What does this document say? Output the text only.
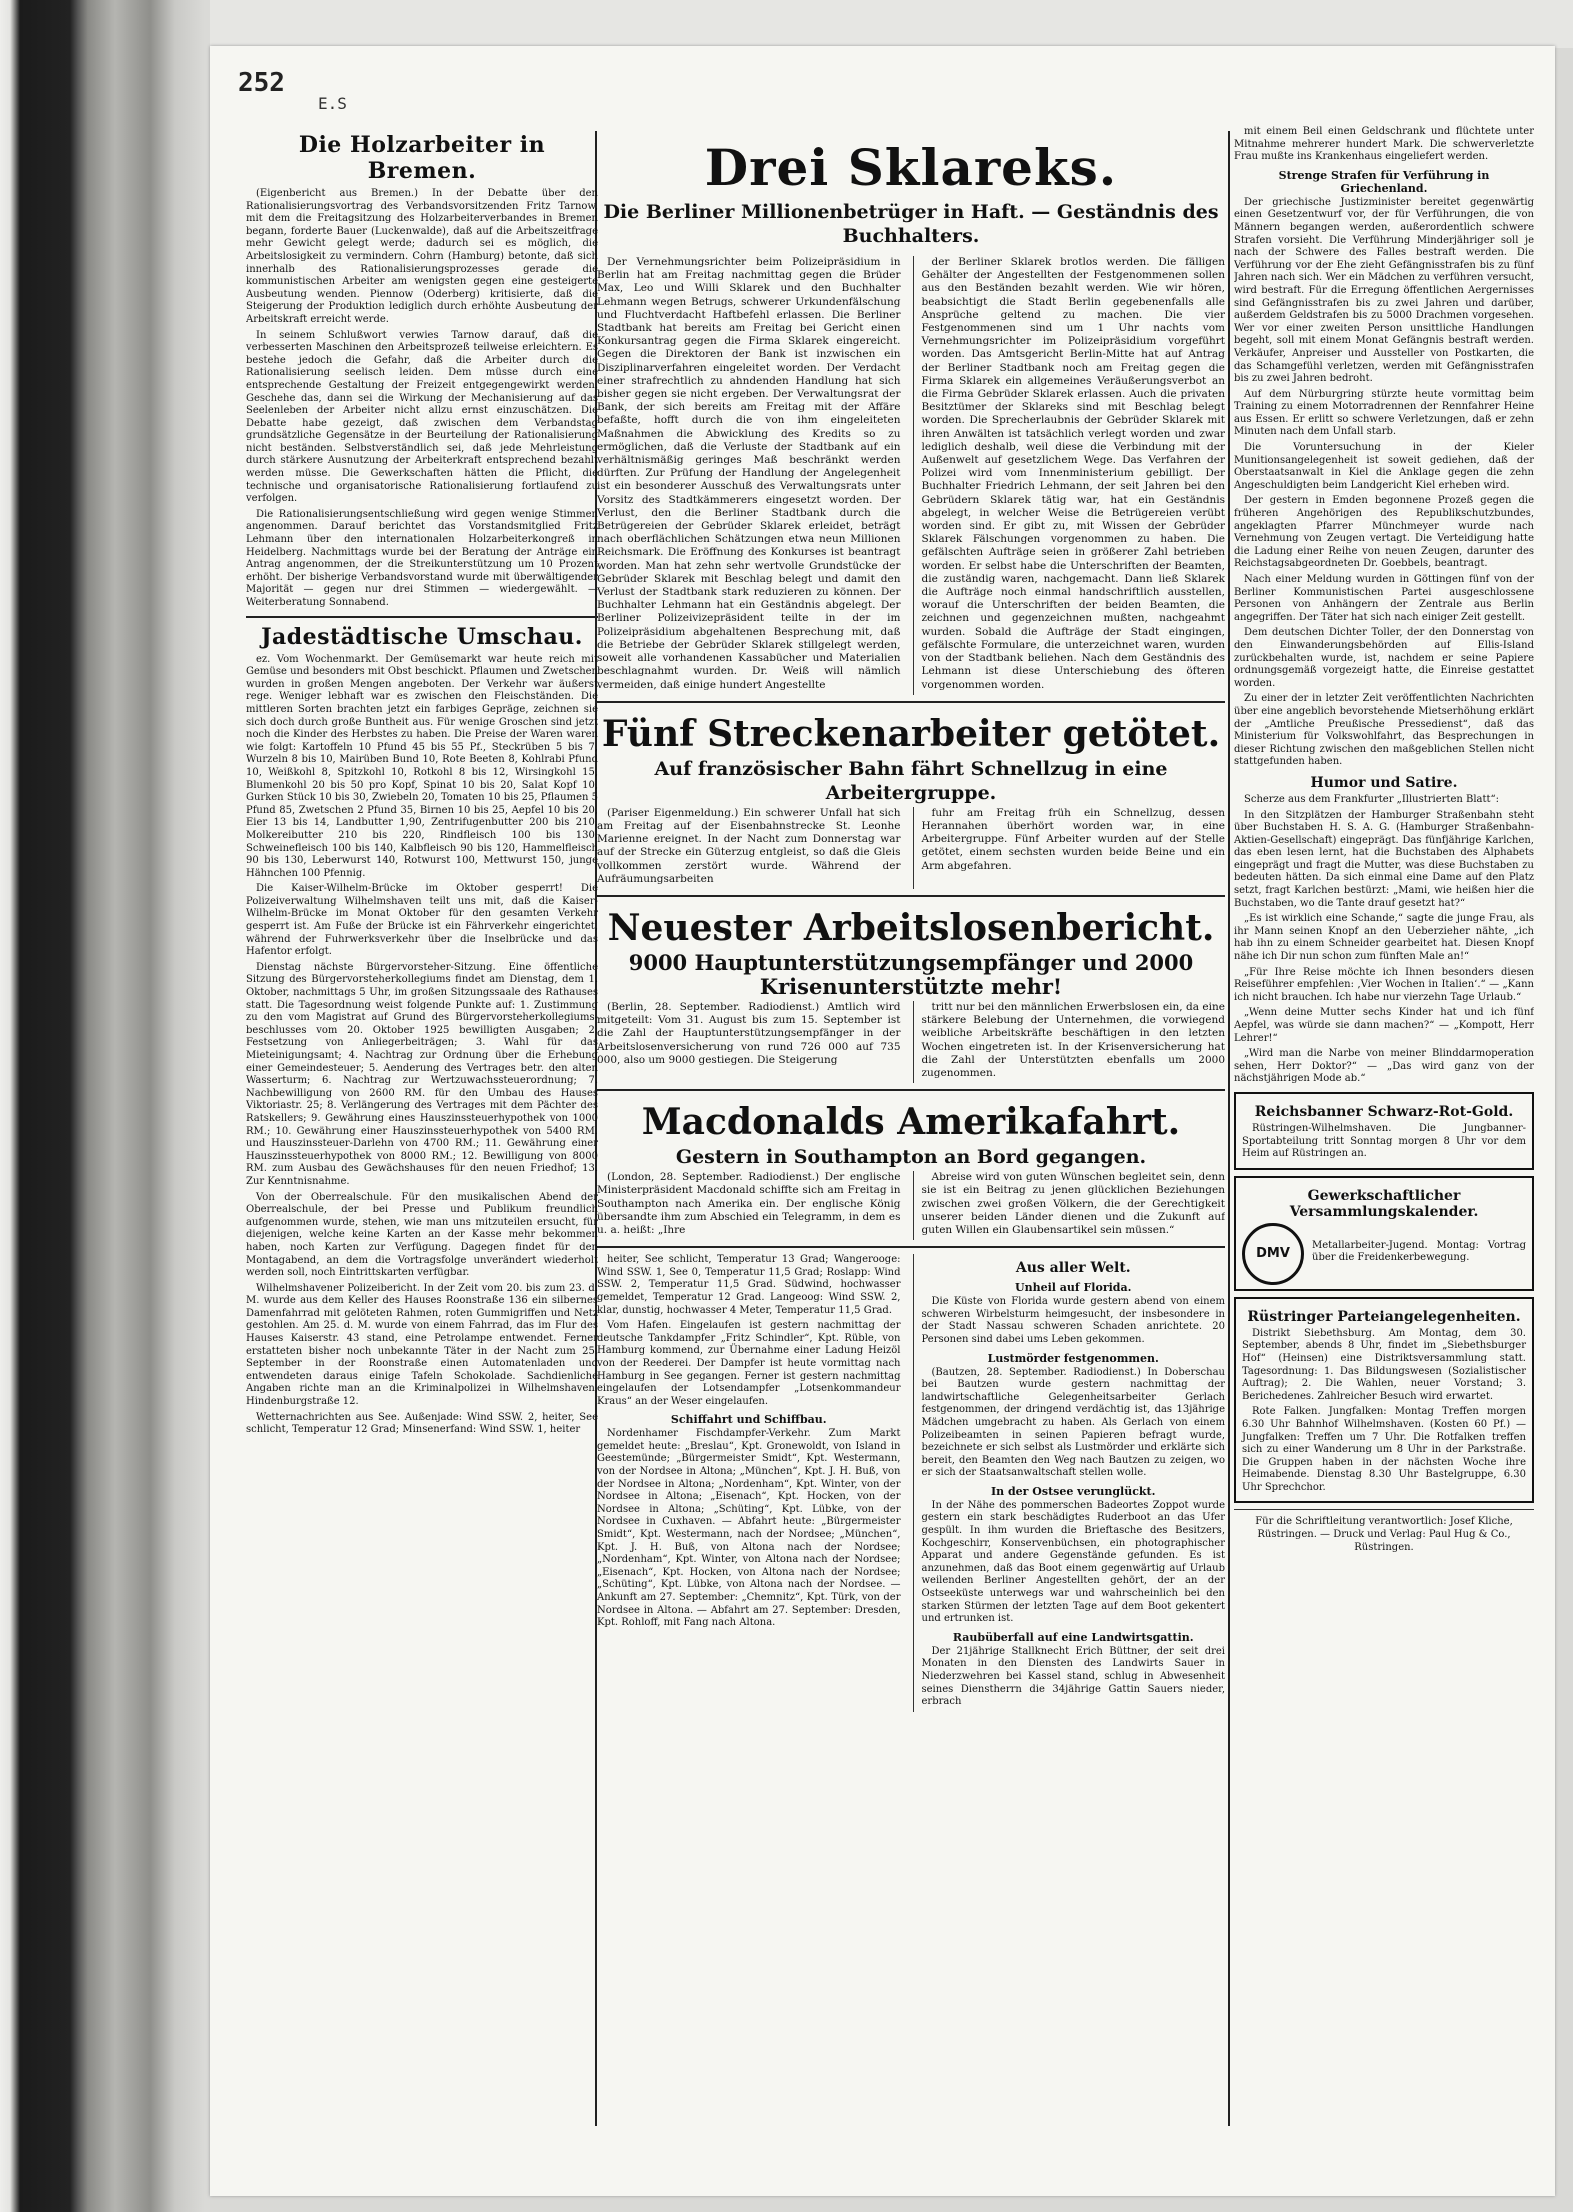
252
E.S
Die Holzarbeiter in Bremen.

(Eigenbericht aus Bremen.) In der Debatte über den Rationalisierungsvortrag des Verbandsvorsitzenden Fritz Tarnow, mit dem die Freitagsitzung des Holzarbeiterverbandes in Bremen begann, forderte Bauer (Luckenwalde), daß auf die Arbeitszeitfrage mehr Gewicht gelegt werde; dadurch sei es möglich, die Arbeitslosigkeit zu vermindern. Cohrn (Hamburg) betonte, daß sich innerhalb des Rationalisierungsprozesses gerade die kommunistischen Arbeiter am wenigsten gegen eine gesteigerte Ausbeutung wenden. Piennow (Oderberg) kritisierte, daß die Steigerung der Produktion lediglich durch erhöhte Ausbeutung der Arbeitskraft erreicht werde.

In seinem Schlußwort verwies Tarnow darauf, daß die verbesserten Maschinen den Arbeitsprozeß teilweise erleichtern. Es bestehe jedoch die Gefahr, daß die Arbeiter durch die Rationalisierung seelisch leiden. Dem müsse durch eine entsprechende Gestaltung der Freizeit entgegengewirkt werden. Geschehe das, dann sei die Wirkung der Mechanisierung auf das Seelenleben der Arbeiter nicht allzu ernst einzuschätzen. Die Debatte habe gezeigt, daß zwischen dem Verbandstag grundsätzliche Gegensätze in der Beurteilung der Rationalisierung nicht beständen. Selbstverständlich sei, daß jede Mehrleistung durch stärkere Ausnutzung der Arbeiterkraft entsprechend bezahlt werden müsse. Die Gewerkschaften hätten die Pflicht, die technische und organisatorische Rationalisierung fortlaufend zu verfolgen.

Die Rationalisierungsentschließung wird gegen wenige Stimmen angenommen. Darauf berichtet das Vorstandsmitglied Fritz Lehmann über den internationalen Holzarbeiterkongreß in Heidelberg. Nachmittags wurde bei der Beratung der Anträge ein Antrag angenommen, der die Streikunterstützung um 10 Prozent erhöht. Der bisherige Verbandsvorstand wurde mit überwältigender Majorität — gegen nur drei Stimmen — wiedergewählt. — Weiterberatung Sonnabend.

Jadestädtische Umschau.

ez. Vom Wochenmarkt. Der Gemüsemarkt war heute reich mit Gemüse und besonders mit Obst beschickt. Pflaumen und Zwetschen wurden in großen Mengen angeboten. Der Verkehr war äußerst rege. Weniger lebhaft war es zwischen den Fleischständen. Die mittleren Sorten brachten jetzt ein farbiges Gepräge, zeichnen sie sich doch durch große Buntheit aus. Für wenige Groschen sind jetzt noch die Kinder des Herbstes zu haben. Die Preise der Waren waren wie folgt: Kartoffeln 10 Pfund 45 bis 55 Pf., Steckrüben 5 bis 7, Wurzeln 8 bis 10, Mairüben Bund 10, Rote Beeten 8, Kohlrabi Pfund 10, Weißkohl 8, Spitzkohl 10, Rotkohl 8 bis 12, Wirsingkohl 15, Blumenkohl 20 bis 50 pro Kopf, Spinat 10 bis 20, Salat Kopf 10, Gurken Stück 10 bis 30, Zwiebeln 20, Tomaten 10 bis 25, Pflaumen 5 Pfund 85, Zwetschen 2 Pfund 35, Birnen 10 bis 25, Aepfel 10 bis 20, Eier 13 bis 14, Landbutter 1,90, Zentrifugenbutter 200 bis 210, Molkereibutter 210 bis 220, Rindfleisch 100 bis 130, Schweinefleisch 100 bis 140, Kalbfleisch 90 bis 120, Hammelfleisch 90 bis 130, Leberwurst 140, Rotwurst 100, Mettwurst 150, junge Hähnchen 100 Pfennig.

Die Kaiser-Wilhelm-Brücke im Oktober gesperrt! Die Polizeiverwaltung Wilhelmshaven teilt uns mit, daß die Kaiser-Wilhelm-Brücke im Monat Oktober für den gesamten Verkehr gesperrt ist. Am Fuße der Brücke ist ein Fährverkehr eingerichtet, während der Fuhrwerksverkehr über die Inselbrücke und das Hafentor erfolgt.

Dienstag nächste Bürgervorsteher-Sitzung. Eine öffentliche Sitzung des Bürgervorsteherkollegiums findet am Dienstag, dem 1. Oktober, nachmittags 5 Uhr, im großen Sitzungssaale des Rathauses statt. Die Tagesordnung weist folgende Punkte auf: 1. Zustimmung zu den vom Magistrat auf Grund des Bürgervorsteherkollegiums-beschlusses vom 20. Oktober 1925 bewilligten Ausgaben; 2. Festsetzung von Anliegerbeiträgen; 3. Wahl für das Mieteinigungsamt; 4. Nachtrag zur Ordnung über die Erhebung einer Gemeindesteuer; 5. Aenderung des Vertrages betr. den alten Wasserturm; 6. Nachtrag zur Wertzuwachssteuerordnung; 7. Nachbewilligung von 2600 RM. für den Umbau des Hauses Viktoriastr. 25; 8. Verlängerung des Vertrages mit dem Pächter des Ratskellers; 9. Gewährung eines Hauszinssteuerhypothek von 1000 RM.; 10. Gewährung einer Hauszinssteuerhypothek von 5400 RM. und Hauszinssteuer-Darlehn von 4700 RM.; 11. Gewährung einer Hauszinssteuerhypothek von 8000 RM.; 12. Bewilligung von 8000 RM. zum Ausbau des Gewächshauses für den neuen Friedhof; 13. Zur Kenntnisnahme.

Von der Oberrealschule. Für den musikalischen Abend der Oberrealschule, der bei Presse und Publikum freundlich aufgenommen wurde, stehen, wie man uns mitzuteilen ersucht, für diejenigen, welche keine Karten an der Kasse mehr bekommen haben, noch Karten zur Verfügung. Dagegen findet für den Montagabend, an dem die Vortragsfolge unverändert wiederholt werden soll, noch Eintrittskarten verfügbar.

Wilhelmshavener Polizeibericht. In der Zeit vom 20. bis zum 23. d. M. wurde aus dem Keller des Hauses Roonstraße 136 ein silbernes Damenfahrrad mit gelöteten Rahmen, roten Gummigriffen und Netz gestohlen. Am 25. d. M. wurde von einem Fahrrad, das im Flur des Hauses Kaiserstr. 43 stand, eine Petrolampe entwendet. Ferner erstatteten bisher noch unbekannte Täter in der Nacht zum 25. September in der Roonstraße einen Automatenladen und entwendeten daraus einige Tafeln Schokolade. Sachdienliche Angaben richte man an die Kriminalpolizei in Wilhelmshaven, Hindenburgstraße 12.

Wetternachrichten aus See. Außenjade: Wind SSW. 2, heiter, See schlicht, Temperatur 12 Grad; Minsenerfand: Wind SSW. 1, heiter

Drei Sklareks.
Die Berliner Millionenbetrüger in Haft. — Geständnis des Buchhalters.

Der Vernehmungsrichter beim Polizeipräsidium in Berlin hat am Freitag nachmittag gegen die Brüder Max, Leo und Willi Sklarek und den Buchhalter Lehmann wegen Betrugs, schwerer Urkundenfälschung und Fluchtverdacht Haftbefehl erlassen. Die Berliner Stadtbank hat bereits am Freitag bei Gericht einen Konkursantrag gegen die Firma Sklarek eingereicht. Gegen die Direktoren der Bank ist inzwischen ein Disziplinarverfahren eingeleitet worden. Der Verdacht einer strafrechtlich zu ahndenden Handlung hat sich bisher gegen sie nicht ergeben. Der Verwaltungsrat der Bank, der sich bereits am Freitag mit der Affäre befaßte, hofft durch die von ihm eingeleiteten Maßnahmen die Abwicklung des Kredits so zu ermöglichen, daß die Verluste der Stadtbank auf ein verhältnismäßig geringes Maß beschränkt werden dürften. Zur Prüfung der Handlung der Angelegenheit ist ein besonderer Ausschuß des Verwaltungsrats unter Vorsitz des Stadtkämmerers eingesetzt worden. Der Verlust, den die Berliner Stadtbank durch die Betrügereien der Gebrüder Sklarek erleidet, beträgt nach oberflächlichen Schätzungen etwa neun Millionen Reichsmark. Die Eröffnung des Konkurses ist beantragt worden. Man hat zehn sehr wertvolle Grundstücke der Gebrüder Sklarek mit Beschlag belegt und damit den Verlust der Stadtbank stark reduzieren zu können. Der Buchhalter Lehmann hat ein Geständnis abgelegt. Der Berliner Polizeivizepräsident teilte in der im Polizeipräsidium abgehaltenen Besprechung mit, daß die Betriebe der Gebrüder Sklarek stillgelegt werden, soweit alle vorhandenen Kassabücher und Materialien beschlagnahmt wurden. Dr. Weiß will nämlich vermeiden, daß einige hundert Angestellte

der Berliner Sklarek brotlos werden. Die fälligen Gehälter der Angestellten der Festgenommenen sollen aus den Beständen bezahlt werden. Wie wir hören, beabsichtigt die Stadt Berlin gegebenenfalls alle Ansprüche geltend zu machen. Die vier Festgenommenen sind um 1 Uhr nachts vom Vernehmungsrichter im Polizeipräsidium vorgeführt worden. Das Amtsgericht Berlin-Mitte hat auf Antrag der Berliner Stadtbank noch am Freitag gegen die Firma Sklarek ein allgemeines Veräußerungsverbot an die Firma Gebrüder Sklarek erlassen. Auch die privaten Besitztümer der Sklareks sind mit Beschlag belegt worden. Die Sprecherlaubnis der Gebrüder Sklarek mit ihren Anwälten ist tatsächlich verlegt worden und zwar lediglich deshalb, weil diese die Verbindung mit der Außenwelt auf gesetzlichem Wege. Das Verfahren der Polizei wird vom Innenministerium gebilligt. Der Buchhalter Friedrich Lehmann, der seit Jahren bei den Gebrüdern Sklarek tätig war, hat ein Geständnis abgelegt, in welcher Weise die Betrügereien verübt worden sind. Er gibt zu, mit Wissen der Gebrüder Sklarek Fälschungen vorgenommen zu haben. Die gefälschten Aufträge seien in größerer Zahl betrieben worden. Er selbst habe die Unterschriften der Beamten, die zuständig waren, nachgemacht. Dann ließ Sklarek die Aufträge noch einmal handschriftlich ausstellen, worauf die Unterschriften der beiden Beamten, die zeichnen und gegenzeichnen mußten, nachgeahmt wurden. Sobald die Aufträge der Stadt eingingen, gefälschte Formulare, die unterzeichnet waren, wurden von der Stadtbank beliehen. Nach dem Geständnis des Lehmann ist diese Unterschiebung des öfteren vorgenommen worden.

Fünf Streckenarbeiter getötet.
Auf französischer Bahn fährt Schnellzug in eine Arbeitergruppe.

(Pariser Eigenmeldung.) Ein schwerer Unfall hat sich am Freitag auf der Eisenbahnstrecke St. Leonhe Marienne ereignet. In der Nacht zum Donnerstag war auf der Strecke ein Güterzug entgleist, so daß die Gleis vollkommen zerstört wurde. Während der Aufräumungsarbeiten

fuhr am Freitag früh ein Schnellzug, dessen Herannahen überhört worden war, in eine Arbeitergruppe. Fünf Arbeiter wurden auf der Stelle getötet, einem sechsten wurden beide Beine und ein Arm abgefahren.

Neuester Arbeitslosenbericht.
9000 Hauptunterstützungsempfänger und 2000 Krisenunterstützte mehr!

(Berlin, 28. September. Radiodienst.) Amtlich wird mitgeteilt: Vom 31. August bis zum 15. September ist die Zahl der Hauptunterstützungsempfänger in der Arbeitslosenversicherung von rund 726 000 auf 735 000, also um 9000 gestiegen. Die Steigerung

tritt nur bei den männlichen Erwerbslosen ein, da eine stärkere Belebung der Unternehmen, die vorwiegend weibliche Arbeitskräfte beschäftigen in den letzten Wochen eingetreten ist. In der Krisenversicherung hat die Zahl der Unterstützten ebenfalls um 2000 zugenommen.

Macdonalds Amerikafahrt.
Gestern in Southampton an Bord gegangen.

(London, 28. September. Radiodienst.) Der englische Ministerpräsident Macdonald schiffte sich am Freitag in Southampton nach Amerika ein. Der englische König übersandte ihm zum Abschied ein Telegramm, in dem es u. a. heißt: „Ihre

Abreise wird von guten Wünschen begleitet sein, denn sie ist ein Beitrag zu jenen glücklichen Beziehungen zwischen zwei großen Völkern, die der Gerechtigkeit unserer beiden Länder dienen und die Zukunft auf guten Willen ein Glaubensartikel sein müssen.“

heiter, See schlicht, Temperatur 13 Grad; Wangerooge: Wind SSW. 1, See 0, Temperatur 11,5 Grad; Roslapp: Wind SSW. 2, Temperatur 11,5 Grad. Südwind, hochwasser gemeldet, Temperatur 12 Grad. Langeoog: Wind SSW. 2, klar, dunstig, hochwasser 4 Meter, Temperatur 11,5 Grad.

Vom Hafen. Eingelaufen ist gestern nachmittag der deutsche Tankdampfer „Fritz Schindler“, Kpt. Rüble, von Hamburg kommend, zur Übernahme einer Ladung Heizöl von der Reederei. Der Dampfer ist heute vormittag nach Hamburg in See gegangen. Ferner ist gestern nachmittag eingelaufen der Lotsendampfer „Lotsenkommandeur Kraus“ an der Weser eingelaufen.

Schiffahrt und Schiffbau.

Nordenhamer Fischdampfer-Verkehr. Zum Markt gemeldet heute: „Breslau“, Kpt. Gronewoldt, von Island in Geestemünde; „Bürgermeister Smidt“, Kpt. Westermann, von der Nordsee in Altona; „München“, Kpt. J. H. Buß, von der Nordsee in Altona; „Nordenham“, Kpt. Winter, von der Nordsee in Altona; „Eisenach“, Kpt. Hocken, von der Nordsee in Altona; „Schüting“, Kpt. Lübke, von der Nordsee in Cuxhaven. — Abfahrt heute: „Bürgermeister Smidt“, Kpt. Westermann, nach der Nordsee; „München“, Kpt. J. H. Buß, von Altona nach der Nordsee; „Nordenham“, Kpt. Winter, von Altona nach der Nordsee; „Eisenach“, Kpt. Hocken, von Altona nach der Nordsee; „Schüting“, Kpt. Lübke, von Altona nach der Nordsee. — Ankunft am 27. September: „Chemnitz“, Kpt. Türk, von der Nordsee in Altona. — Abfahrt am 27. September: Dresden, Kpt. Rohloff, mit Fang nach Altona.

Aus aller Welt.
Unheil auf Florida.

Die Küste von Florida wurde gestern abend von einem schweren Wirbelsturm heimgesucht, der insbesondere in der Stadt Nassau schweren Schaden anrichtete. 20 Personen sind dabei ums Leben gekommen.

Lustmörder festgenommen.

(Bautzen, 28. September. Radiodienst.) In Doberschau bei Bautzen wurde gestern nachmittag der landwirtschaftliche Gelegenheitsarbeiter Gerlach festgenommen, der dringend verdächtig ist, das 13jährige Mädchen umgebracht zu haben. Als Gerlach von einem Polizeibeamten in seinen Papieren befragt wurde, bezeichnete er sich selbst als Lustmörder und erklärte sich bereit, den Beamten den Weg nach Bautzen zu zeigen, wo er sich der Staatsanwaltschaft stellen wolle.

In der Ostsee verunglückt.

In der Nähe des pommerschen Badeortes Zoppot wurde gestern ein stark beschädigtes Ruderboot an das Ufer gespült. In ihm wurden die Brieftasche des Besitzers, Kochgeschirr, Konservenbüchsen, ein photographischer Apparat und andere Gegenstände gefunden. Es ist anzunehmen, daß das Boot einem gegenwärtig auf Urlaub weilenden Berliner Angestellten gehört, der an der Ostseeküste unterwegs war und wahrscheinlich bei den starken Stürmen der letzten Tage auf dem Boot gekentert und ertrunken ist.

Raubüberfall auf eine Landwirtsgattin.

Der 21jährige Stallknecht Erich Büttner, der seit drei Monaten in den Diensten des Landwirts Sauer in Niederzwehren bei Kassel stand, schlug in Abwesenheit seines Dienstherrn die 34jährige Gattin Sauers nieder, erbrach

mit einem Beil einen Geldschrank und flüchtete unter Mitnahme mehrerer hundert Mark. Die schwerverletzte Frau mußte ins Krankenhaus eingeliefert werden.

Strenge Strafen für Verführung in Griechenland.

Der griechische Justizminister bereitet gegenwärtig einen Gesetzentwurf vor, der für Verführungen, die von Männern begangen werden, außerordentlich schwere Strafen vorsieht. Die Verführung Minderjähriger soll je nach der Schwere des Falles bestraft werden. Die Verführung vor der Ehe zieht Gefängnisstrafen bis zu fünf Jahren nach sich. Wer ein Mädchen zu verführen versucht, wird bestraft. Für die Erregung öffentlichen Aergernisses sind Gefängnisstrafen bis zu zwei Jahren und darüber, außerdem Geldstrafen bis zu 5000 Drachmen vorgesehen. Wer vor einer zweiten Person unsittliche Handlungen begeht, soll mit einem Monat Gefängnis bestraft werden. Verkäufer, Anpreiser und Aussteller von Postkarten, die das Schamgefühl verletzen, werden mit Gefängnisstrafen bis zu zwei Jahren bedroht.

Auf dem Nürburgring stürzte heute vormittag beim Training zu einem Motorradrennen der Rennfahrer Heine aus Essen. Er erlitt so schwere Verletzungen, daß er zehn Minuten nach dem Unfall starb.

Die Voruntersuchung in der Kieler Munitionsangelegenheit ist soweit gediehen, daß der Oberstaatsanwalt in Kiel die Anklage gegen die zehn Angeschuldigten beim Landgericht Kiel erheben wird.

Der gestern in Emden begonnene Prozeß gegen die früheren Angehörigen des Republikschutzbundes, angeklagten Pfarrer Münchmeyer wurde nach Vernehmung von Zeugen vertagt. Die Verteidigung hatte die Ladung einer Reihe von neuen Zeugen, darunter des Reichstagsabgeordneten Dr. Goebbels, beantragt.

Nach einer Meldung wurden in Göttingen fünf von der Berliner Kommunistischen Partei ausgeschlossene Personen von Anhängern der Zentrale aus Berlin angegriffen. Der Täter hat sich nach einiger Zeit gestellt.

Dem deutschen Dichter Toller, der den Donnerstag von den Einwanderungsbehörden auf Ellis-Island zurückbehalten wurde, ist, nachdem er seine Papiere ordnungsgemäß vorgezeigt hatte, die Einreise gestattet worden.

Zu einer der in letzter Zeit veröffentlichten Nachrichten über eine angeblich bevorstehende Mietserhöhung erklärt der „Amtliche Preußische Pressedienst“, daß das Ministerium für Volkswohlfahrt, das Besprechungen in dieser Richtung zwischen den maßgeblichen Stellen nicht stattgefunden haben.

Humor und Satire.

Scherze aus dem Frankfurter „Illustrierten Blatt“:

In den Sitzplätzen der Hamburger Straßenbahn steht über Buchstaben H. S. A. G. (Hamburger Straßenbahn-Aktien-Gesellschaft) eingeprägt. Das fünfjährige Karlchen, das eben lesen lernt, hat die Buchstaben des Alphabets eingeprägt und fragt die Mutter, was diese Buchstaben zu bedeuten hätten. Da sich einmal eine Dame auf den Platz setzt, fragt Karlchen bestürzt: „Mami, wie heißen hier die Buchstaben, wo die Tante drauf gesetzt hat?“

„Es ist wirklich eine Schande,“ sagte die junge Frau, als ihr Mann seinen Knopf an den Ueberzieher nähte, „ich hab ihn zu einem Schneider gearbeitet hat. Diesen Knopf nähe ich Dir nun schon zum fünften Male an!“

„Für Ihre Reise möchte ich Ihnen besonders diesen Reiseführer empfehlen: ‚Vier Wochen in Italien‘.“ — „Kann ich nicht brauchen. Ich habe nur vierzehn Tage Urlaub.“

„Wenn deine Mutter sechs Kinder hat und ich fünf Aepfel, was würde sie dann machen?“ — „Kompott, Herr Lehrer!“

„Wird man die Narbe von meiner Blinddarmoperation sehen, Herr Doktor?“ — „Das wird ganz von der nächstjährigen Mode ab.“

Reichsbanner Schwarz-Rot-Gold.

Rüstringen-Wilhelmshaven. Die Jungbanner-Sportabteilung tritt Sonntag morgen 8 Uhr vor dem Heim auf Rüstringen an.

Gewerkschaftlicher Versammlungskalender.
DMV

Metallarbeiter-Jugend. Montag: Vortrag über die Freidenkerbewegung.

Rüstringer Parteiangelegenheiten.

Distrikt Siebethsburg. Am Montag, dem 30. September, abends 8 Uhr, findet im „Siebethsburger Hof“ (Heinsen) eine Distriktsversammlung statt. Tagesordnung: 1. Das Bildungswesen (Sozialistischer Auftrag); 2. Die Wahlen, neuer Vorstand; 3. Berichedenes. Zahlreicher Besuch wird erwartet.

Rote Falken. Jungfalken: Montag Treffen morgen 6.30 Uhr Bahnhof Wilhelmshaven. (Kosten 60 Pf.) — Jungfalken: Treffen um 7 Uhr. Die Rotfalken treffen sich zu einer Wanderung um 8 Uhr in der Parkstraße. Die Gruppen haben in der nächsten Woche ihre Heimabende. Dienstag 8.30 Uhr Bastelgruppe, 6.30 Uhr Sprechchor.

Für die Schriftleitung verantwortlich: Josef Kliche, Rüstringen. — Druck und Verlag: Paul Hug & Co., Rüstringen.
